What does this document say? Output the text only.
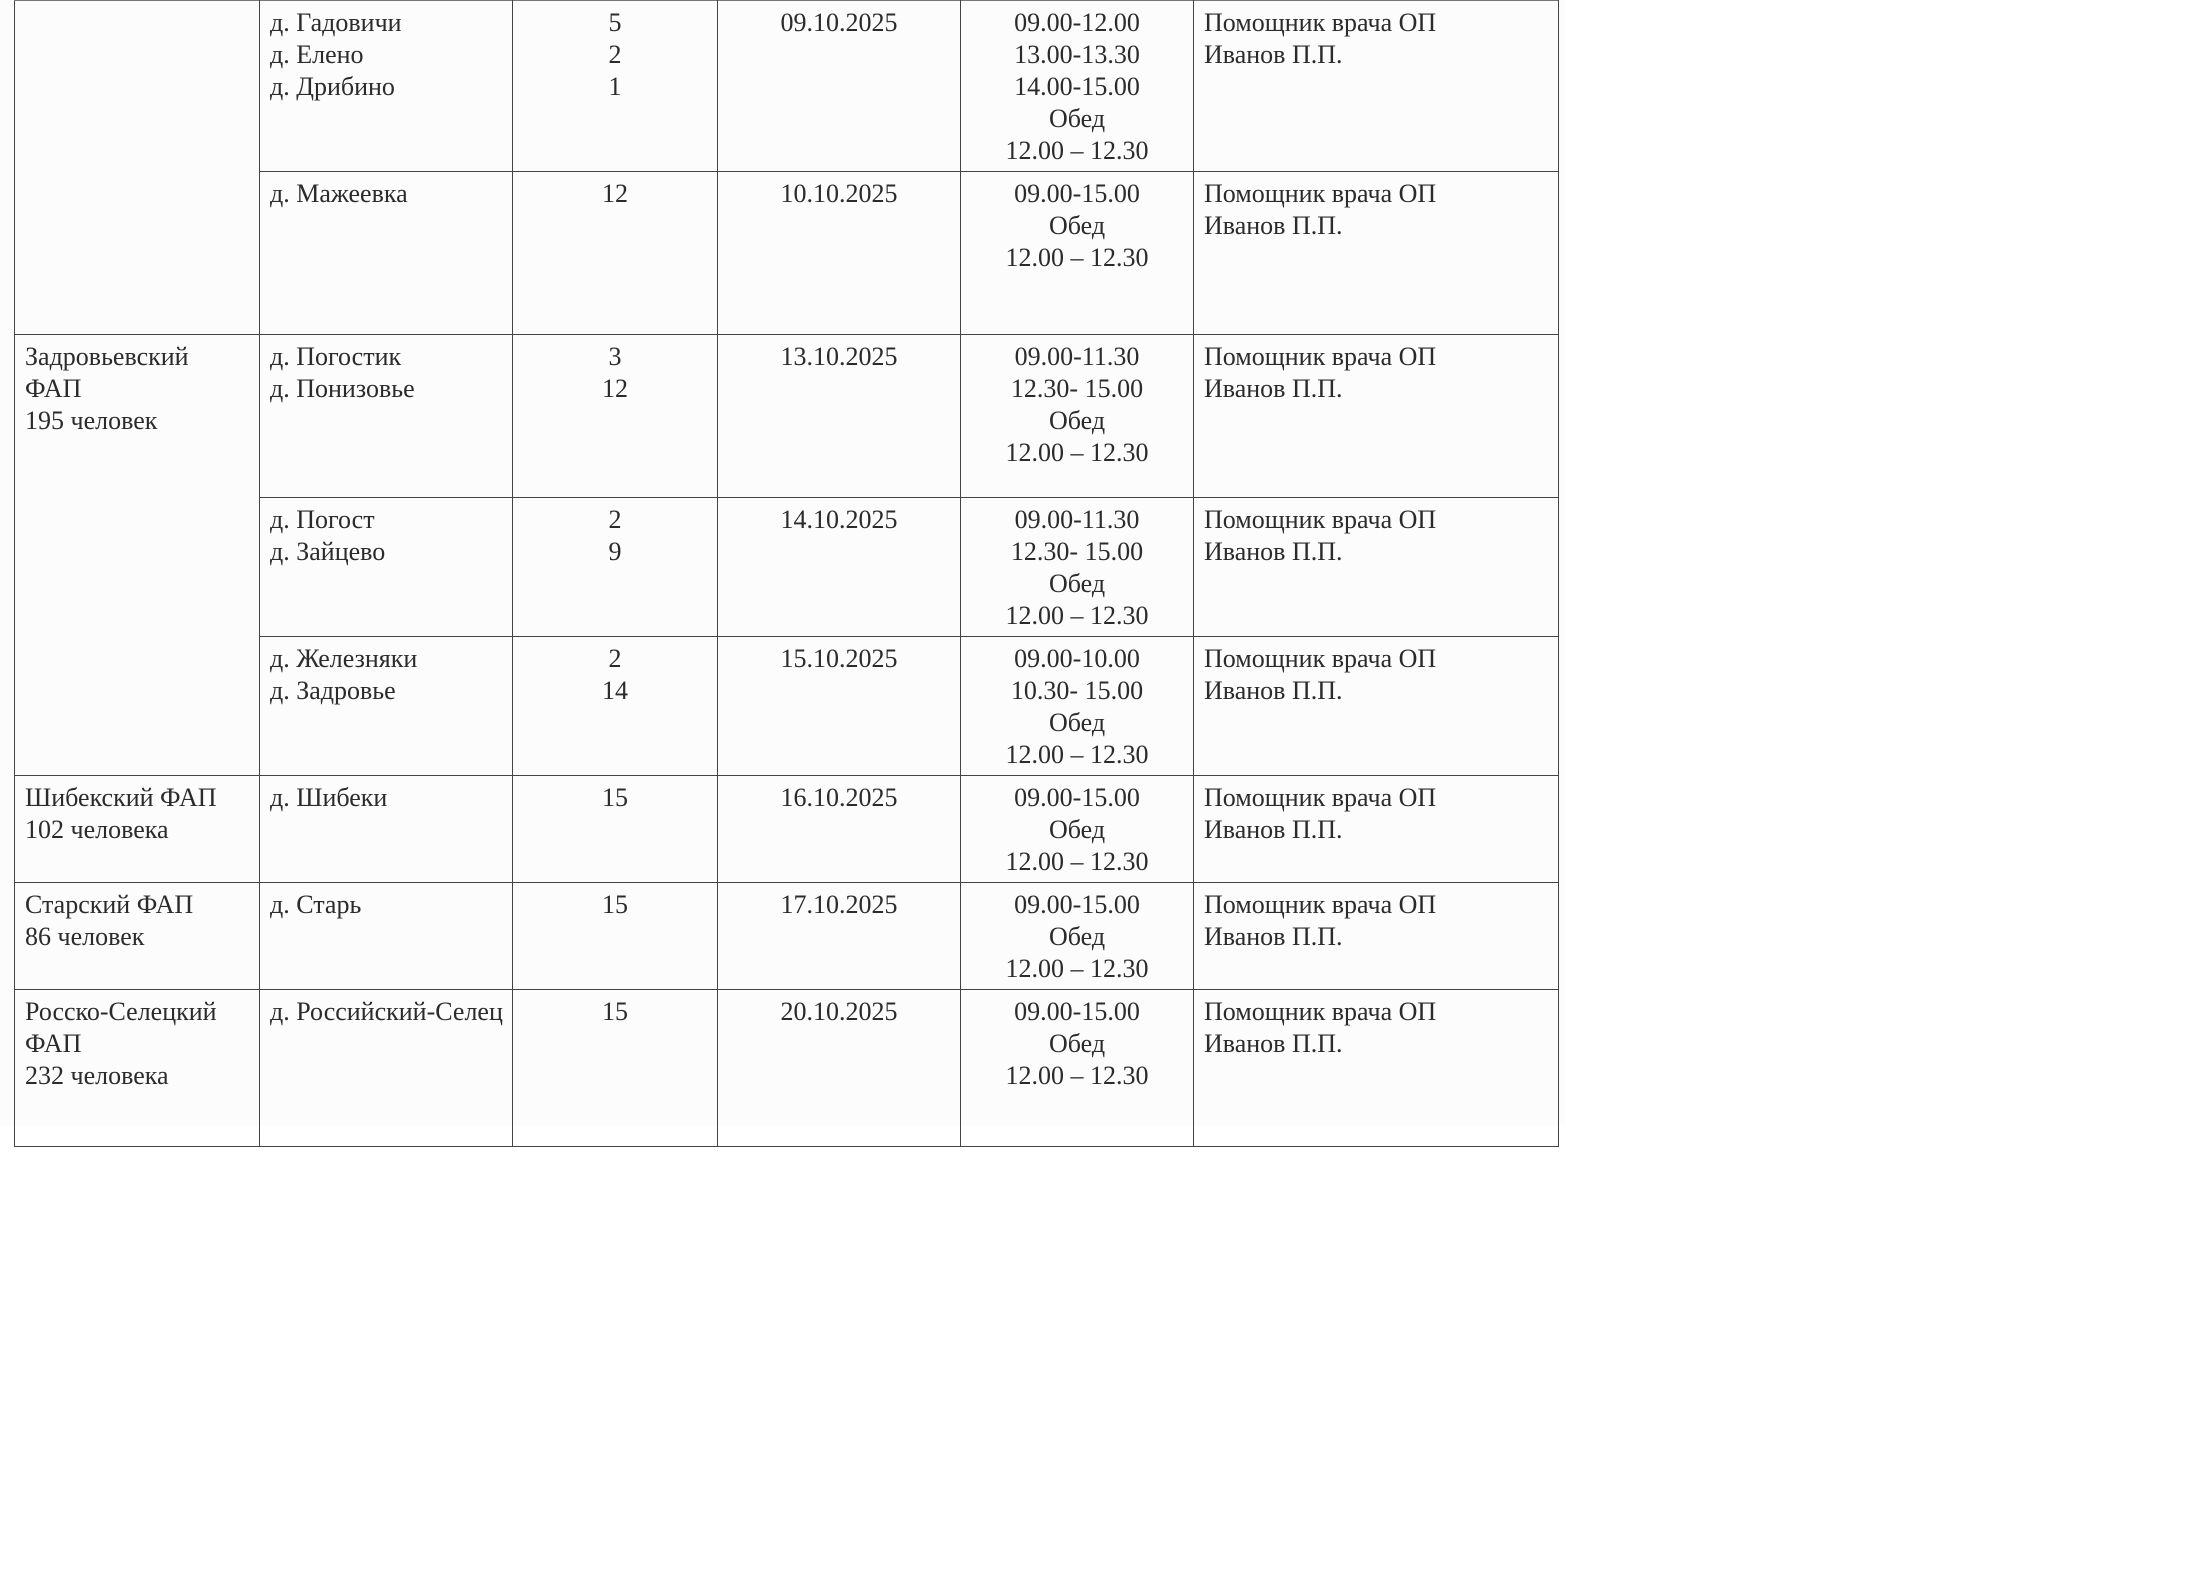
	д. Гадовичи
д. Елено
д. Дрибино	5
2
1	09.10.2025	09.00-12.00
13.00-13.30
14.00-15.00
Обед
12.00 – 12.30	Помощник врача ОП
Иванов П.П.

	д. Мажеевка	12	10.10.2025	09.00-15.00
Обед
12.00 – 12.30	Помощник врача ОП
Иванов П.П.

Задровьевский
ФАП
195 человек	д. Погостик
д. Понизовье	3
12	13.10.2025	09.00-11.30
12.30- 15.00
Обед
12.00 – 12.30	Помощник врача ОП
Иванов П.П.

	д. Погост
д. Зайцево	2
9	14.10.2025	09.00-11.30
12.30- 15.00
Обед
12.00 – 12.30	Помощник врача ОП
Иванов П.П.

	д. Железняки
д. Задровье	2
14	15.10.2025	09.00-10.00
10.30- 15.00
Обед
12.00 – 12.30	Помощник врача ОП
Иванов П.П.

Шибекский ФАП
102 человека	д. Шибеки	15	16.10.2025	09.00-15.00
Обед
12.00 – 12.30	Помощник врача ОП
Иванов П.П.

Старский ФАП
86 человек	д. Старь	15	17.10.2025	09.00-15.00
Обед
12.00 – 12.30	Помощник врача ОП
Иванов П.П.

Росско-Селецкий
ФАП
232 человека	д. Российский-Селец	15	20.10.2025	09.00-15.00
Обед
12.00 – 12.30	Помощник врача ОП
Иванов П.П.
